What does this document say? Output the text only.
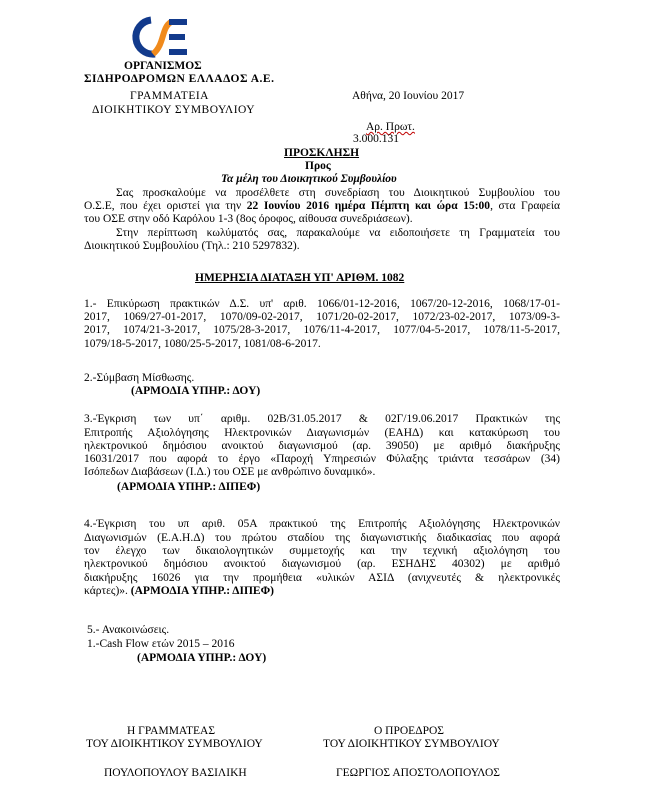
ΟΡΓΑΝΙΣΜΟΣ
ΣΙΔΗΡΟΔΡΟΜΩΝ ΕΛΛΑΔΟΣ Α.Ε.
ΓΡΑΜΜΑΤΕΙΑ
ΔΙΟΙΚΗΤΙΚΟΥ ΣΥΜΒΟΥΛΙΟΥ
Αθήνα, 20 Ιουνίου 2017
Αρ. Πρωτ.
3.000.131
ΠΡΟΣΚΛΗΣΗ
Προς
Τα μέλη του Διοικητικού Συμβουλίου
Σας προσκαλούμε να προσέλθετε στη συνεδρίαση του Διοικητικού Συμβουλίου του
Ο.Σ.Ε, που έχει οριστεί για την 22 Ιουνίου 2016 ημέρα Πέμπτη και ώρα 15:00, στα Γραφεία
του ΟΣΕ στην οδό Καρόλου 1-3 (8ος όροφος, αίθουσα συνεδριάσεων).
Στην περίπτωση κωλύματός σας, παρακαλούμε να ειδοποιήσετε τη Γραμματεία του
Διοικητικού Συμβουλίου (Τηλ.: 210 5297832).
ΗΜΕΡΗΣΙΑ ΔΙΑΤΑΞΗ ΥΠ' ΑΡΙΘΜ. 1082
1.- Επικύρωση πρακτικών Δ.Σ. υπ' αριθ. 1066/01-12-2016, 1067/20-12-2016, 1068/17-01-
2017, 1069/27-01-2017, 1070/09-02-2017, 1071/20-02-2017, 1072/23-02-2017, 1073/09-3-
2017, 1074/21-3-2017, 1075/28-3-2017, 1076/11-4-2017, 1077/04-5-2017, 1078/11-5-2017,
1079/18-5-2017, 1080/25-5-2017, 1081/08-6-2017.
2.-Σύμβαση Μίσθωσης.
(ΑΡΜΟΔΙΑ ΥΠΗΡ.: ΔΟΥ)
3.-Έγκριση των υπ΄ αριθμ. 02Β/31.05.2017 & 02Γ/19.06.2017 Πρακτικών της
Επιτροπής Αξιολόγησης Ηλεκτρονικών Διαγωνισμών (ΕΑΗΔ) και κατακύρωση του
ηλεκτρονικού δημόσιου ανοικτού διαγωνισμού (αρ. 39050) με αριθμό διακήρυξης
16031/2017 που αφορά το έργο «Παροχή Υπηρεσιών Φύλαξης τριάντα τεσσάρων (34)
Ισόπεδων Διαβάσεων (Ι.Δ.) του ΟΣΕ με ανθρώπινο δυναμικό».
(ΑΡΜΟΔΙΑ ΥΠΗΡ.: ΔΙΠΕΦ)
4.-Έγκριση του υπ αριθ. 05Α πρακτικού της Επιτροπής Αξιολόγησης Ηλεκτρονικών
Διαγωνισμών (Ε.Α.Η.Δ) του πρώτου σταδίου της διαγωνιστικής διαδικασίας που αφορά
τον έλεγχο των δικαιολογητικών συμμετοχής και την τεχνική αξιολόγηση του
ηλεκτρονικού δημόσιου ανοικτού διαγωνισμού (αρ. ΕΣΗΔΗΣ 40302) με αριθμό
διακήρυξης 16026 για την προμήθεια «υλικών ΑΣΙΔ (ανιχνευτές & ηλεκτρονικές
κάρτες)». (ΑΡΜΟΔΙΑ ΥΠΗΡ.: ΔΙΠΕΦ)
5.- Ανακοινώσεις.
1.-Cash Flow ετών 2015 – 2016
(ΑΡΜΟΔΙΑ ΥΠΗΡ.: ΔΟΥ)
Η ΓΡΑΜΜΑΤΕΑΣ
ΤΟΥ ΔΙΟΙΚΗΤΙΚΟΥ ΣΥΜΒΟΥΛΙΟΥ
ΠΟΥΛΟΠΟΥΛΟΥ ΒΑΣΙΛΙΚΗ
Ο ΠΡΟΕΔΡΟΣ
ΤΟΥ ΔΙΟΙΚΗΤΙΚΟΥ ΣΥΜΒΟΥΛΙΟΥ
ΓΕΩΡΓΙΟΣ ΑΠΟΣΤΟΛΟΠΟΥΛΟΣ
